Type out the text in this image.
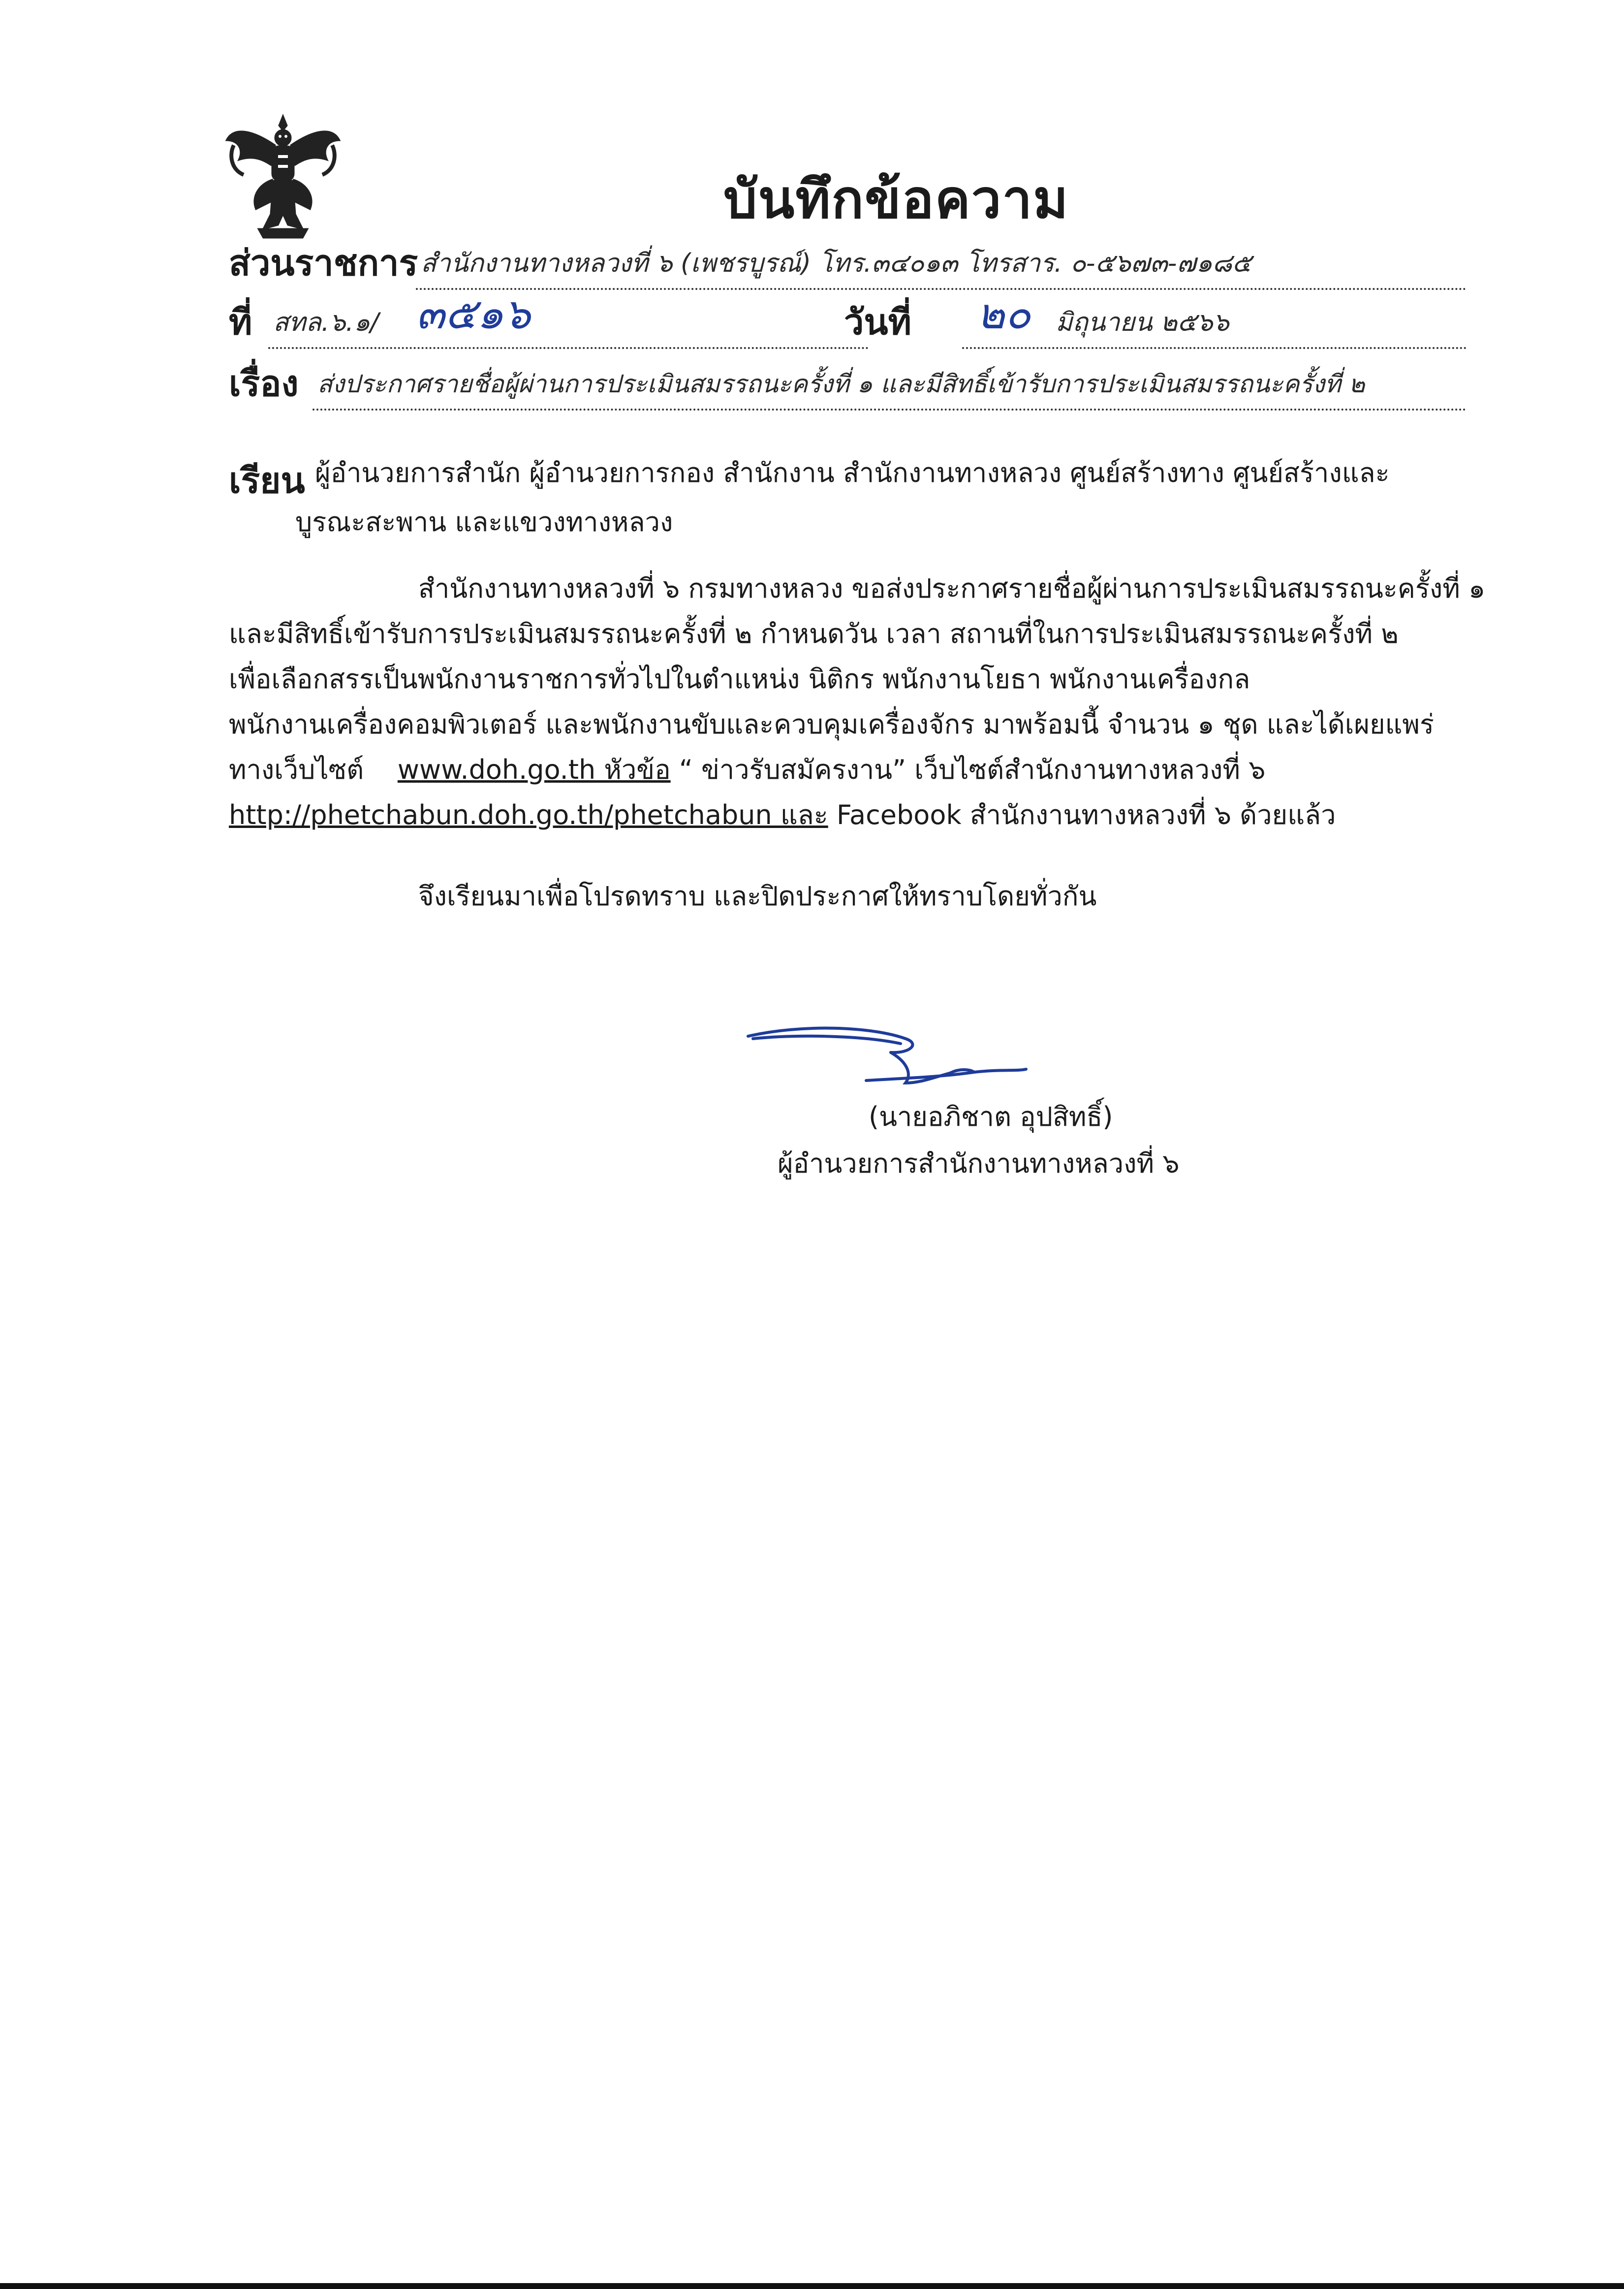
บันทึกข้อความ
ส่วนราชการ สำนักงานทางหลวงที่ ๖ (เพชรบูรณ์) โทร.๓๔๐๑๓ โทรสาร. ๐-๕๖๗๓-๗๑๘๕
ที่ สทล.๖.๑/ ๓๕๑๖	วันที่ ๒๐ มิถุนายน ๒๕๖๖
เรื่อง ส่งประกาศรายชื่อผู้ผ่านการประเมินสมรรถนะครั้งที่ ๑ และมีสิทธิ์เข้ารับการประเมินสมรรถนะครั้งที่ ๒
เรียน ผู้อำนวยการสำนัก ผู้อำนวยการกอง สำนักงาน สำนักงานทางหลวง ศูนย์สร้างทาง ศูนย์สร้างและ
บูรณะสะพาน และแขวงทางหลวง
สำนักงานทางหลวงที่ ๖ กรมทางหลวง ขอส่งประกาศรายชื่อผู้ผ่านการประเมินสมรรถนะครั้งที่ ๑
และมีสิทธิ์เข้ารับการประเมินสมรรถนะครั้งที่ ๒ กำหนดวัน เวลา สถานที่ในการประเมินสมรรถนะครั้งที่ ๒
เพื่อเลือกสรรเป็นพนักงานราชการทั่วไปในตำแหน่ง นิติกร พนักงานโยธา พนักงานเครื่องกล
พนักงานเครื่องคอมพิวเตอร์ และพนักงานขับและควบคุมเครื่องจักร มาพร้อมนี้ จำนวน ๑ ชุด และได้เผยแพร่
ทางเว็บไซต์ www.doh.go.th หัวข้อ “ ข่าวรับสมัครงาน” เว็บไซต์สำนักงานทางหลวงที่ ๖
http://phetchabun.doh.go.th/phetchabun และ Facebook สำนักงานทางหลวงที่ ๖ ด้วยแล้ว
จึงเรียนมาเพื่อโปรดทราบ และปิดประกาศให้ทราบโดยทั่วกัน
(นายอภิชาต อุปสิทธิ์)
ผู้อำนวยการสำนักงานทางหลวงที่ ๖
